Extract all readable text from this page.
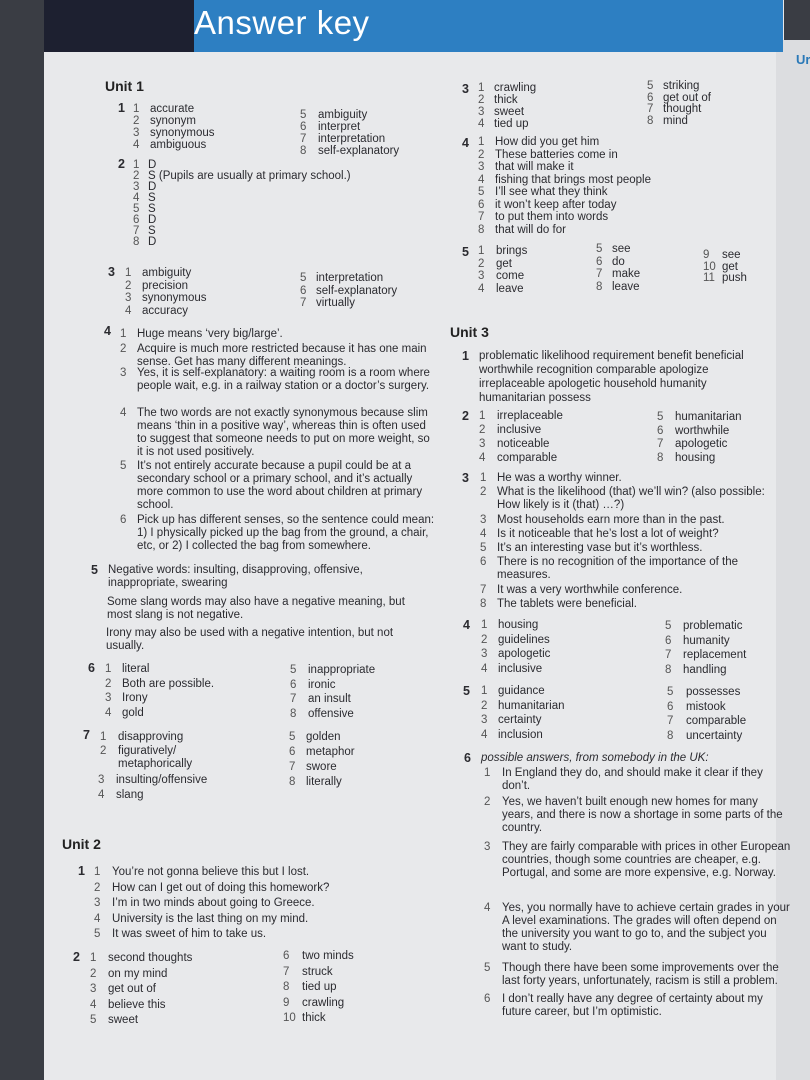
Ur
Answer key
Unit 1
1 1 accurate
2 synonym
3 synonymous
4 ambiguous
5 ambiguity
6 interpret
7 interpretation
8 self-explanatory
2 1 D
2 S (Pupils are usually at primary school.)
3 D
4 S
5 S
6 D
7 S
8 D
3 1 ambiguity
2 precision
3 synonymous
4 accuracy
5 interpretation
6 self-explanatory
7 virtually
4 1 Huge means ‘very big/large’.
2 Acquire is much more restricted because it has one main sense. Get has many different meanings.
3 Yes, it is self-explanatory: a waiting room is a room where people wait, e.g. in a railway station or a doctor’s surgery.
4 The two words are not exactly synonymous because slim means ‘thin in a positive way’, whereas thin is often used to suggest that someone needs to put on more weight, so it is not used positively.
5 It’s not entirely accurate because a pupil could be at a secondary school or a primary school, and it’s actually more common to use the word about children at primary school.
6 Pick up has different senses, so the sentence could mean: 1) I physically picked up the bag from the ground, a chair, etc, or 2) I collected the bag from somewhere.
5 Negative words: insulting, disapproving, offensive, inappropriate, swearing
Some slang words may also have a negative meaning, but most slang is not negative.
Irony may also be used with a negative intention, but not usually.
6 1 literal
2 Both are possible.
3 Irony
4 gold
5 inappropriate
6 ironic
7 an insult
8 offensive
7 1 disapproving
2 figuratively/ metaphorically
3 insulting/offensive
4 slang
5 golden
6 metaphor
7 swore
8 literally
Unit 2
1 1 You’re not gonna believe this but I lost.
2 How can I get out of doing this homework?
3 I’m in two minds about going to Greece.
4 University is the last thing on my mind.
5 It was sweet of him to take us.
2 1 second thoughts
2 on my mind
3 get out of
4 believe this
5 sweet
6 two minds
7 struck
8 tied up
9 crawling
10 thick
3 1 crawling
2 thick
3 sweet
4 tied up
5 striking
6 get out of
7 thought
8 mind
4 1 How did you get him
2 These batteries come in
3 that will make it
4 fishing that brings most people
5 I’ll see what they think
6 it won’t keep after today
7 to put them into words
8 that will do for
5 1 brings
2 get
3 come
4 leave
5 see
6 do
7 make
8 leave
9 see
10 get
11 push
Unit 3
1 problematic likelihood requirement benefit beneficial worthwhile recognition comparable apologize irreplaceable apologetic household humanity humanitarian possess
2 1 irreplaceable
2 inclusive
3 noticeable
4 comparable
5 humanitarian
6 worthwhile
7 apologetic
8 housing
3 1 He was a worthy winner.
2 What is the likelihood (that) we’ll win? (also possible: How likely is it (that) …?)
3 Most households earn more than in the past.
4 Is it noticeable that he’s lost a lot of weight?
5 It’s an interesting vase but it’s worthless.
6 There is no recognition of the importance of the measures.
7 It was a very worthwhile conference.
8 The tablets were beneficial.
4 1 housing
2 guidelines
3 apologetic
4 inclusive
5 problematic
6 humanity
7 replacement
8 handling
5 1 guidance
2 humanitarian
3 certainty
4 inclusion
5 possesses
6 mistook
7 comparable
8 uncertainty
6 possible answers, from somebody in the UK:
1 In England they do, and should make it clear if they don’t.
2 Yes, we haven’t built enough new homes for many years, and there is now a shortage in some parts of the country.
3 They are fairly comparable with prices in other European countries, though some countries are cheaper, e.g. Portugal, and some are more expensive, e.g. Norway.
4 Yes, you normally have to achieve certain grades in your A level examinations. The grades will often depend on the university you want to go to, and the subject you want to study.
5 Though there have been some improvements over the last forty years, unfortunately, racism is still a problem.
6 I don’t really have any degree of certainty about my future career, but I’m optimistic.
